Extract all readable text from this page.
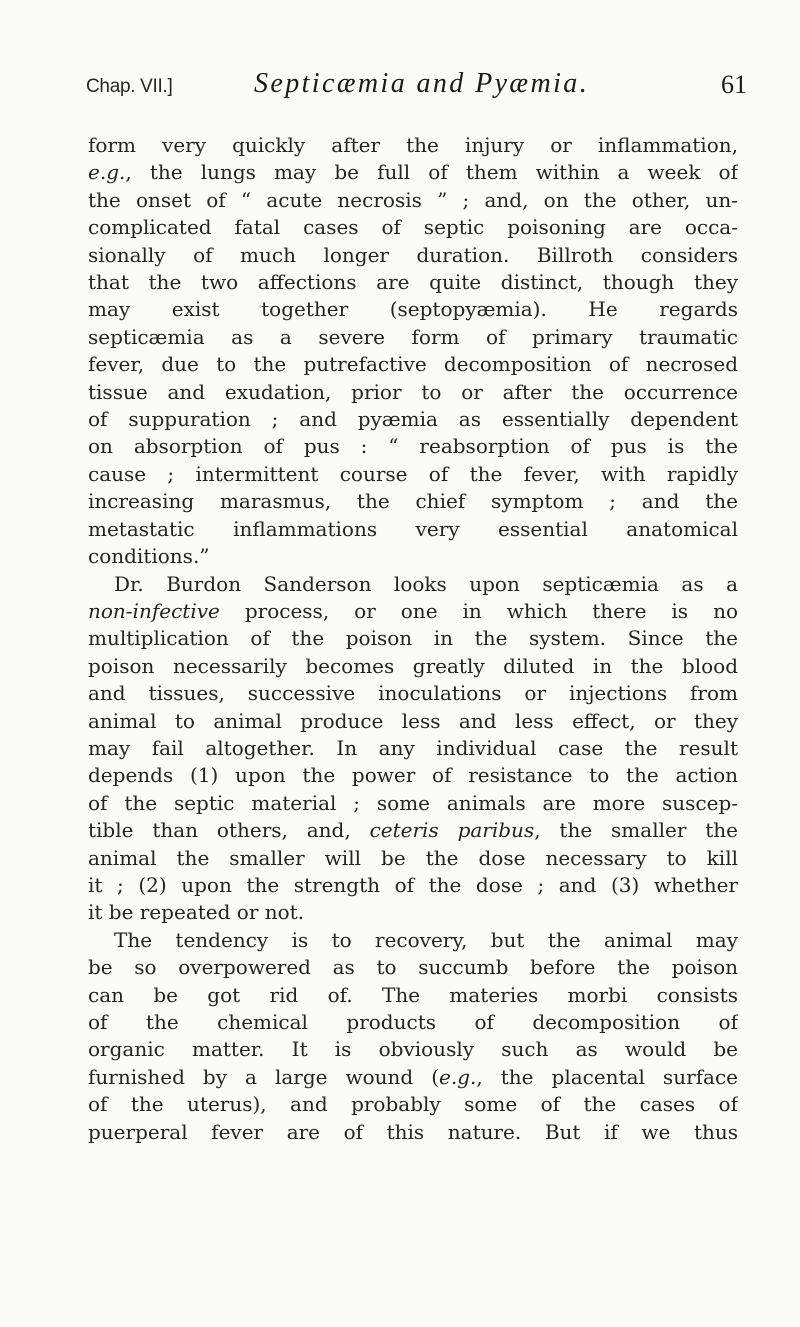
Chap. VII.]	Septicæmia and Pyæmia.	61

form very quickly after the injury or inflammation,
e.g., the lungs may be full of them within a week of
the onset of “ acute necrosis ” ; and, on the other, un-
complicated fatal cases of septic poisoning are occa-
sionally of much longer duration. Billroth considers
that the two affections are quite distinct, though they
may exist together (septopyæmia). He regards
septicæmia as a severe form of primary traumatic
fever, due to the putrefactive decomposition of necrosed
tissue and exudation, prior to or after the occurrence
of suppuration ; and pyæmia as essentially dependent
on absorption of pus : “ reabsorption of pus is the
cause ; intermittent course of the fever, with rapidly
increasing marasmus, the chief symptom ; and the
metastatic inflammations very essential anatomical
conditions.”

Dr. Burdon Sanderson looks upon septicæmia as a
non-infective process, or one in which there is no
multiplication of the poison in the system. Since the
poison necessarily becomes greatly diluted in the blood
and tissues, successive inoculations or injections from
animal to animal produce less and less effect, or they
may fail altogether. In any individual case the result
depends (1) upon the power of resistance to the action
of the septic material ; some animals are more suscep-
tible than others, and, ceteris paribus, the smaller the
animal the smaller will be the dose necessary to kill
it ; (2) upon the strength of the dose ; and (3) whether
it be repeated or not.

The tendency is to recovery, but the animal may
be so overpowered as to succumb before the poison
can be got rid of. The materies morbi consists
of the chemical products of decomposition of
organic matter. It is obviously such as would be
furnished by a large wound (e.g., the placental surface
of the uterus), and probably some of the cases of
puerperal fever are of this nature. But if we thus
